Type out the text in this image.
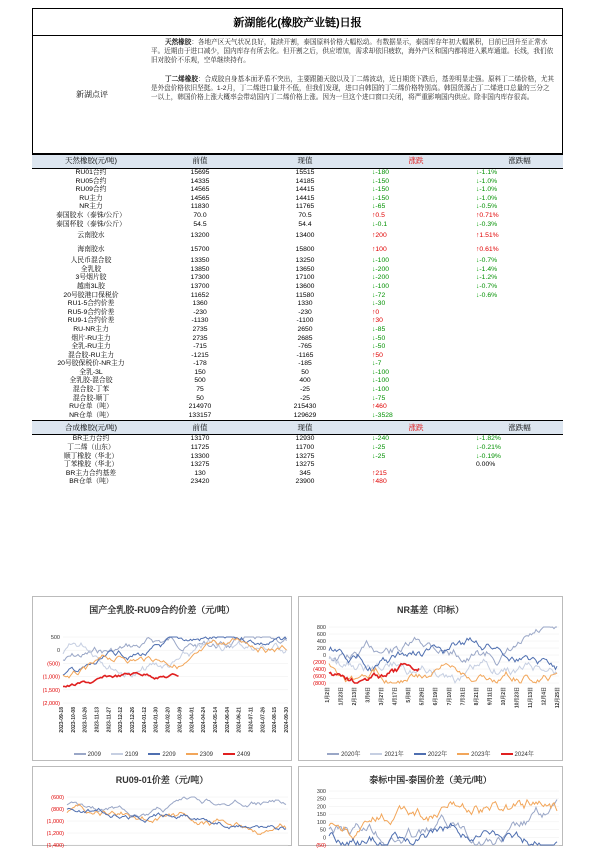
新湖能化(橡胶产业链)日报
新湖点评

天然橡胶：各地产区天气状况良好，陆续开割，泰国原料价格大幅松动。有数据显示，泰国库存年初大幅累积，目前已回升至正常水平。近期由于进口减少，国内库存有所去化。但开割之后，供应增加，需求却依旧疲软，海外产区和国内都将进入累库通道。长线，我们依旧对胶价不乐观，空单继续持有。

丁二烯橡胶：合成胶自身基本面矛盾不突出，主要跟随天胶以及丁二烯波动，近日期货下跌后，基差明显走强。原料丁二烯价格，尤其是外盘价格依旧坚挺。1-2月，丁二烯进口量并不低，但我们发现，进口自韩国的丁二烯价格特别高。韩国货源占丁二烯进口总量的三分之一以上，韩国价格上涨大概率会带动国内丁二烯价格上涨。因为一旦这个进口窗口关闭，将严重影响国内供应。除非国内库存很高。

天然橡胶(元/吨)	前值	现值	涨跌	涨跌幅
RU01合约	15695	15515	↓-180	↓-1.1%
RU05合约	14335	14185	↓-150	↓-1.0%
RU09合约	14565	14415	↓-150	↓-1.0%
RU主力	14565	14415	↓-150	↓-1.0%
NR主力	11830	11765	↓-65	↓-0.5%
泰国胶水（泰铢/公斤）	70.0	70.5	↑0.5	↑0.71%
泰国杯胶（泰铢/公斤）	54.5	54.4	↓-0.1	↓-0.3%
云南胶水	13200	13400	↑200	↑1.51%
海南胶水	15700	15800	↑100	↑0.61%
人民币混合胶	13350	13250	↓-100	↓-0.7%
全乳胶	13850	13650	↓-200	↓-1.4%
3号烟片胶	17300	17100	↓-200	↓-1.2%
越南3L胶	13700	13600	↓-100	↓-0.7%
20号胶港口保税价	11652	11580	↓-72	↓-0.6%
RU1-5合约价差	1360	1330	↓-30	
RU5-9合约价差	-230	-230	↑0	
RU9-1合约价差	-1130	-1100	↑30	
RU-NR主力	2735	2650	↓-85	
烟片-RU主力	2735	2685	↓-50	
全乳-RU主力	-715	-765	↓-50	
混合胶-RU主力	-1215	-1165	↑50	
20号胶保税价-NR主力	-178	-185	↓-7	
全乳-3L	150	50	↓-100	
全乳胶-混合胶	500	400	↓-100	
混合胶-丁苯	75	-25	↓-100	
混合胶-顺丁	50	-25	↓-75	
RU仓单（吨）	214970	215430	↑460	
NR仓单（吨）	133157	129629	↓-3528	
合成橡胶(元/吨)	前值	现值	涨跌	涨跌幅
BR主力合约	13170	12930	↓-240	↓-1.82%
丁二烯（山东）	11725	11700	↓-25	↓-0.21%
顺丁橡胶（华北）	13300	13275	↓-25	↓-0.19%
丁苯橡胶（华北）	13275	13275		0.00%
BR主力合约基差	130	345	↑215	
BR仓单（吨）	23420	23900	↑480	
国产全乳胶-RU09合约价差（元/吨）
500
0
(500)
(1,000)
(1,500)
(2,000)
2023-09-18 2023-10-08 2023-10-26 2023-11-13 2023-11-27 2023-12-12 2023-12-26 2024-01-12 2024-01-30 2024-02-20 2024-03-09 2024-04-01 2024-04-24 2024-05-14 2024-06-04 2024-06-21 2024-07-11 2024-07-26 2024-08-15 2024-09-30
2009	2109	2209	2309	2409
NR基差（印标）
800
600
400
200
0
(200)
(400)
(600)
(800)
1月2日 1月23日 2月13日 3月6日 3月27日 4月17日 5月8日 5月29日 6月19日 7月10日 7月31日 8月21日 9月11日 10月2日 10月23日 11月13日 12月4日 12月25日
2020年	2021年	2022年	2023年	2024年
RU09-01价差（元/吨）
(600)
(800)
(1,000)
(1,200)
(1,400)
泰标中国-泰国价差（美元/吨）
300
250
200
150
100
50
0
(50)
